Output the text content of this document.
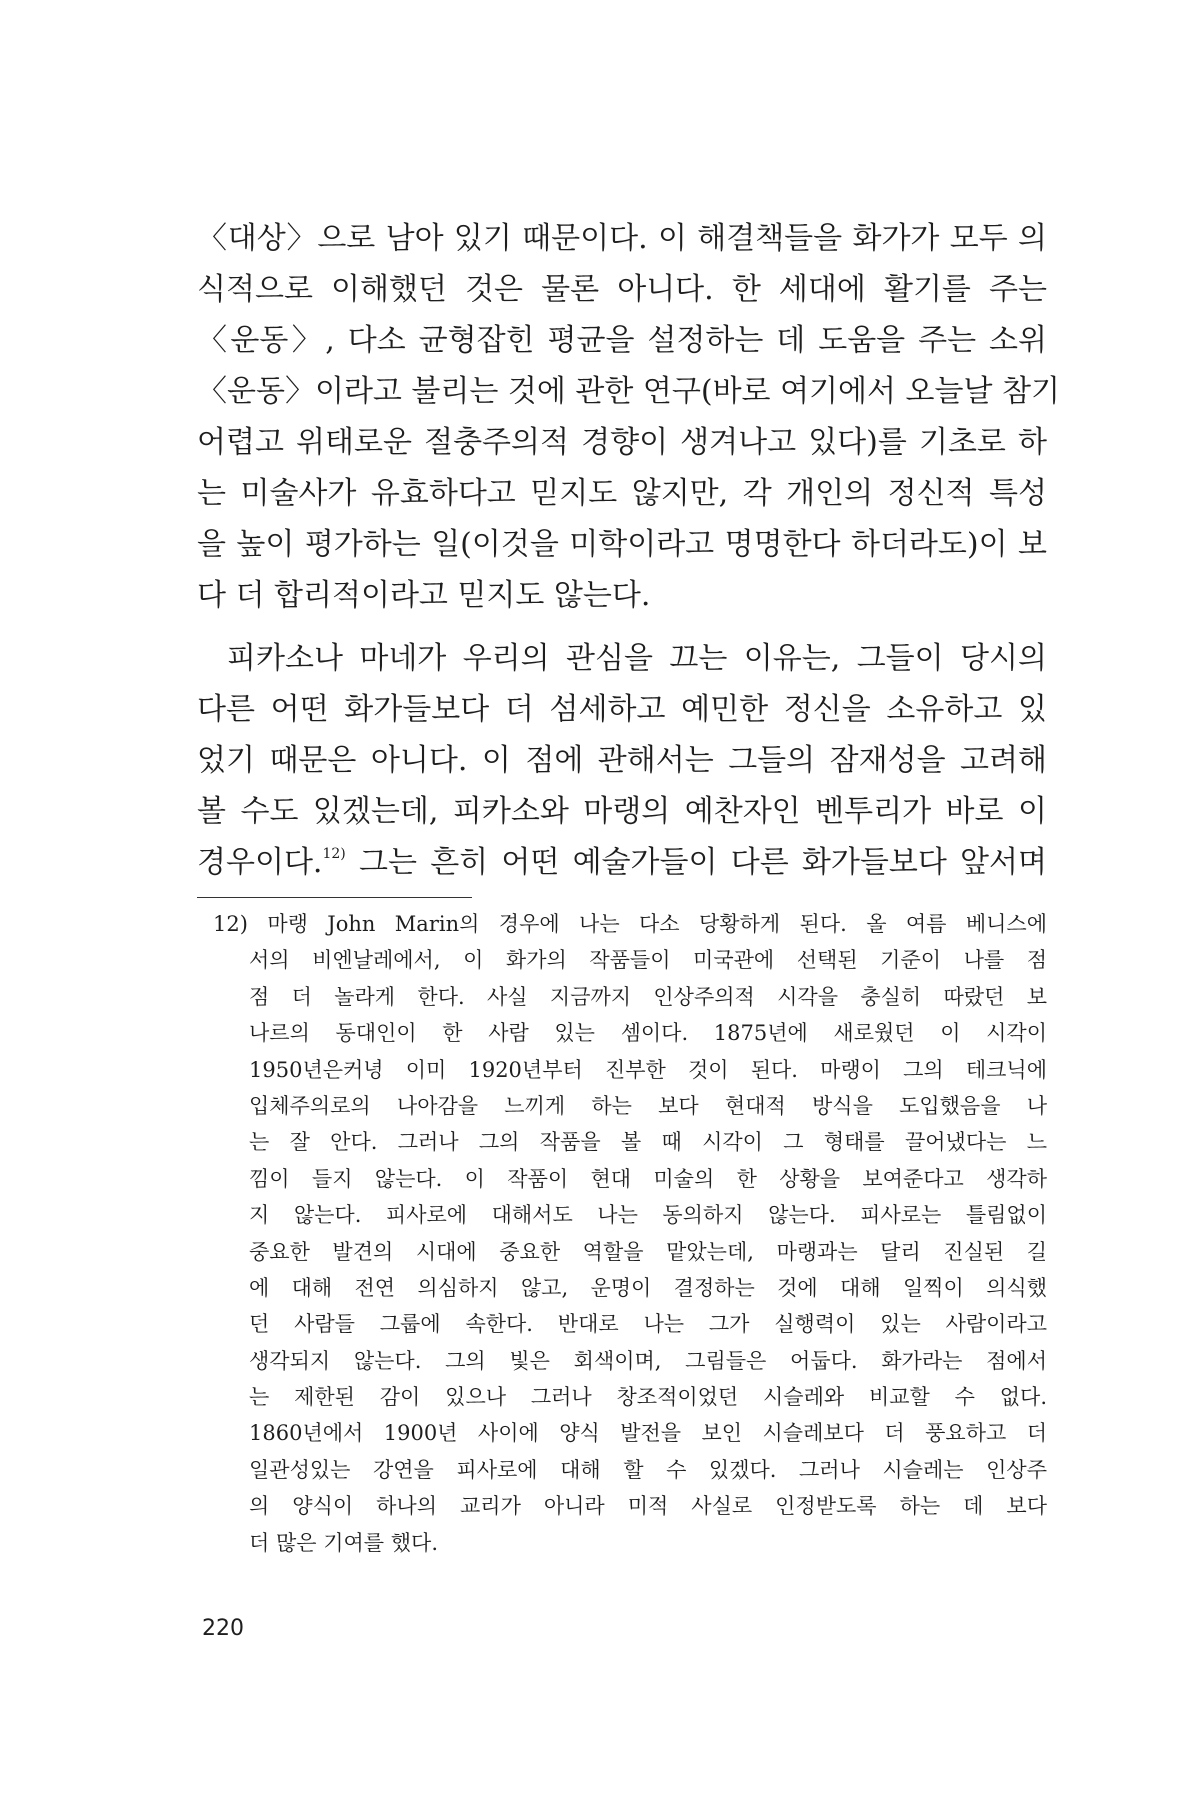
〈대상〉으로 남아 있기 때문이다. 이 해결책들을 화가가 모두 의
식적으로 이해했던 것은 물론 아니다. 한 세대에 활기를 주는
〈운동〉, 다소 균형잡힌 평균을 설정하는 데 도움을 주는 소위
〈운동〉이라고 불리는 것에 관한 연구(바로 여기에서 오늘날 참기
어렵고 위태로운 절충주의적 경향이 생겨나고 있다)를 기초로 하
는 미술사가 유효하다고 믿지도 않지만, 각 개인의 정신적 특성
을 높이 평가하는 일(이것을 미학이라고 명명한다 하더라도)이 보
다 더 합리적이라고 믿지도 않는다.
피카소나 마네가 우리의 관심을 끄는 이유는, 그들이 당시의
다른 어떤 화가들보다 더 섬세하고 예민한 정신을 소유하고 있
었기 때문은 아니다. 이 점에 관해서는 그들의 잠재성을 고려해
볼 수도 있겠는데, 피카소와 마랭의 예찬자인 벤투리가 바로 이
경우이다.$^{12)}$ 그는 흔히 어떤 예술가들이 다른 화가들보다 앞서며
12) 마랭 John Marin의 경우에 나는 다소 당황하게 된다. 올 여름 베니스에
서의 비엔날레에서, 이 화가의 작품들이 미국관에 선택된 기준이 나를 점
점 더 놀라게 한다. 사실 지금까지 인상주의적 시각을 충실히 따랐던 보
나르의 동대인이 한 사람 있는 셈이다. 1875년에 새로웠던 이 시각이
1950년은커녕 이미 1920년부터 진부한 것이 된다. 마랭이 그의 테크닉에
입체주의로의 나아감을 느끼게 하는 보다 현대적 방식을 도입했음을 나
는 잘 안다. 그러나 그의 작품을 볼 때 시각이 그 형태를 끌어냈다는 느
낌이 들지 않는다. 이 작품이 현대 미술의 한 상황을 보여준다고 생각하
지 않는다. 피사로에 대해서도 나는 동의하지 않는다. 피사로는 틀림없이
중요한 발견의 시대에 중요한 역할을 맡았는데, 마랭과는 달리 진실된 길
에 대해 전연 의심하지 않고, 운명이 결정하는 것에 대해 일찍이 의식했
던 사람들 그룹에 속한다. 반대로 나는 그가 실행력이 있는 사람이라고
생각되지 않는다. 그의 빛은 회색이며, 그림들은 어둡다. 화가라는 점에서
는 제한된 감이 있으나 그러나 창조적이었던 시슬레와 비교할 수 없다.
1860년에서 1900년 사이에 양식 발전을 보인 시슬레보다 더 풍요하고 더
일관성있는 강연을 피사로에 대해 할 수 있겠다. 그러나 시슬레는 인상주
의 양식이 하나의 교리가 아니라 미적 사실로 인정받도록 하는 데 보다
더 많은 기여를 했다.
220
